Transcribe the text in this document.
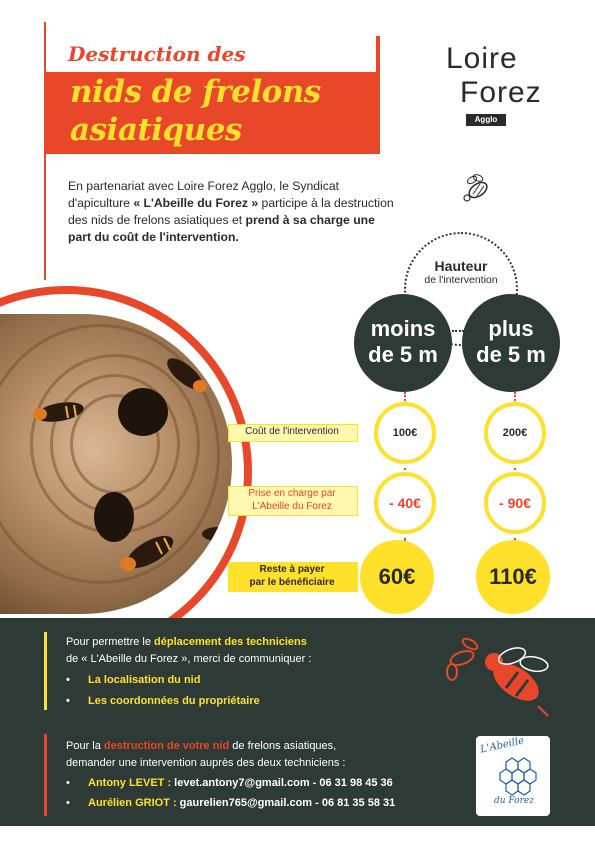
Destruction des
nids de frelons
asiatiques
Loire
Forez
Agglo
En partenariat avec Loire Forez Agglo, le Syndicat d'apiculture « L'Abeille du Forez » participe à la destruction des nids de frelons asiatiques et prend à sa charge une part du coût de l'intervention.
Hauteur
de l'intervention
moins
de 5 m
plus
de 5 m
Coût de l'intervention	100€	200€
Prise en charge par
L'Abeille du Forez	- 40€	- 90€
Reste à payer
par le bénéficiaire	60€	110€
Pour permettre le déplacement des techniciens
de « L'Abeille du Forez », merci de communiquer :
• La localisation du nid
• Les coordonnées du propriétaire
Pour la destruction de votre nid de frelons asiatiques,
demander une intervention auprès des deux techniciens :
• Antony LEVET : levet.antony7@gmail.com - 06 31 98 45 36
• Aurélien GRIOT : gaurelien765@gmail.com - 06 81 35 58 31
L'Abeille
du Forez
